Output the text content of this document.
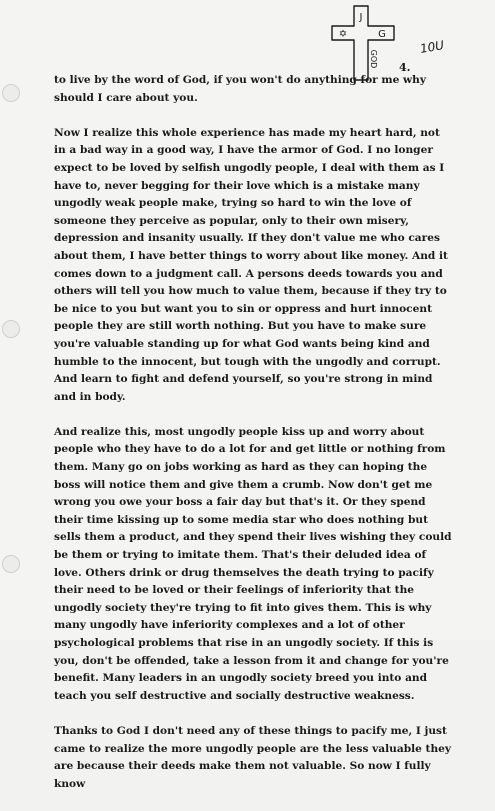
J
✡	G
GOD
10U
4.

to live by the word of God, if you won't do anything for me why should I care about you.

Now I realize this whole experience has made my heart hard, not in a bad way in a good way, I have the armor of God. I no longer expect to be loved by selfish ungodly people, I deal with them as I have to, never begging for their love which is a mistake many ungodly weak people make, trying so hard to win the love of someone they perceive as popular, only to their own misery, depression and insanity usually. If they don't value me who cares about them, I have better things to worry about like money. And it comes down to a judgment call. A persons deeds towards you and others will tell you how much to value them, because if they try to be nice to you but want you to sin or oppress and hurt innocent people they are still worth nothing. But you have to make sure you're valuable standing up for what God wants being kind and humble to the innocent, but tough with the ungodly and corrupt. And learn to fight and defend yourself, so you're strong in mind and in body.

And realize this, most ungodly people kiss up and worry about people who they have to do a lot for and get little or nothing from them. Many go on jobs working as hard as they can hoping the boss will notice them and give them a crumb. Now don't get me wrong you owe your boss a fair day but that's it. Or they spend their time kissing up to some media star who does nothing but sells them a product, and they spend their lives wishing they could be them or trying to imitate them. That's their deluded idea of love. Others drink or drug themselves the death trying to pacify their need to be loved or their feelings of inferiority that the ungodly society they're trying to fit into gives them. This is why many ungodly have inferiority complexes and a lot of other psychological problems that rise in an ungodly society. If this is you, don't be offended, take a lesson from it and change for you're benefit. Many leaders in an ungodly society breed you into and teach you self destructive and socially destructive weakness.

Thanks to God I don't need any of these things to pacify me, I just came to realize the more ungodly people are the less valuable they are because their deeds make them not valuable. So now I fully know
